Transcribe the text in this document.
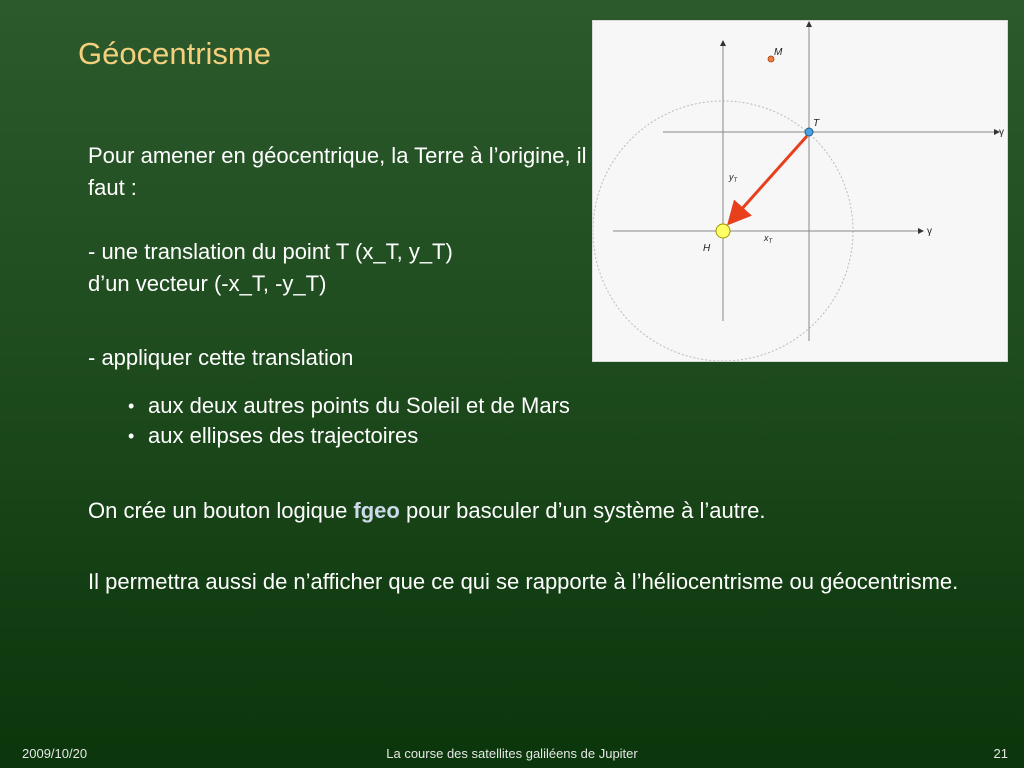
Géocentrisme

Pour amener en géocentrique, la Terre à l’origine, il faut :

- une translation du point T (x_T, y_T)
d’un vecteur (-x_T, -y_T)

- appliquer cette translation

• aux deux autres points du Soleil et de Mars
• aux ellipses des trajectoires

On crée un bouton logique fgeo pour basculer d’un système à l’autre.

Il permettra aussi de n’afficher que ce qui se rapporte à l’héliocentrisme ou géocentrisme.

M
T
H
γ
γ
$y_T$
$x_T$
2009/10/20	La course des satellites galiléens de Jupiter	21
